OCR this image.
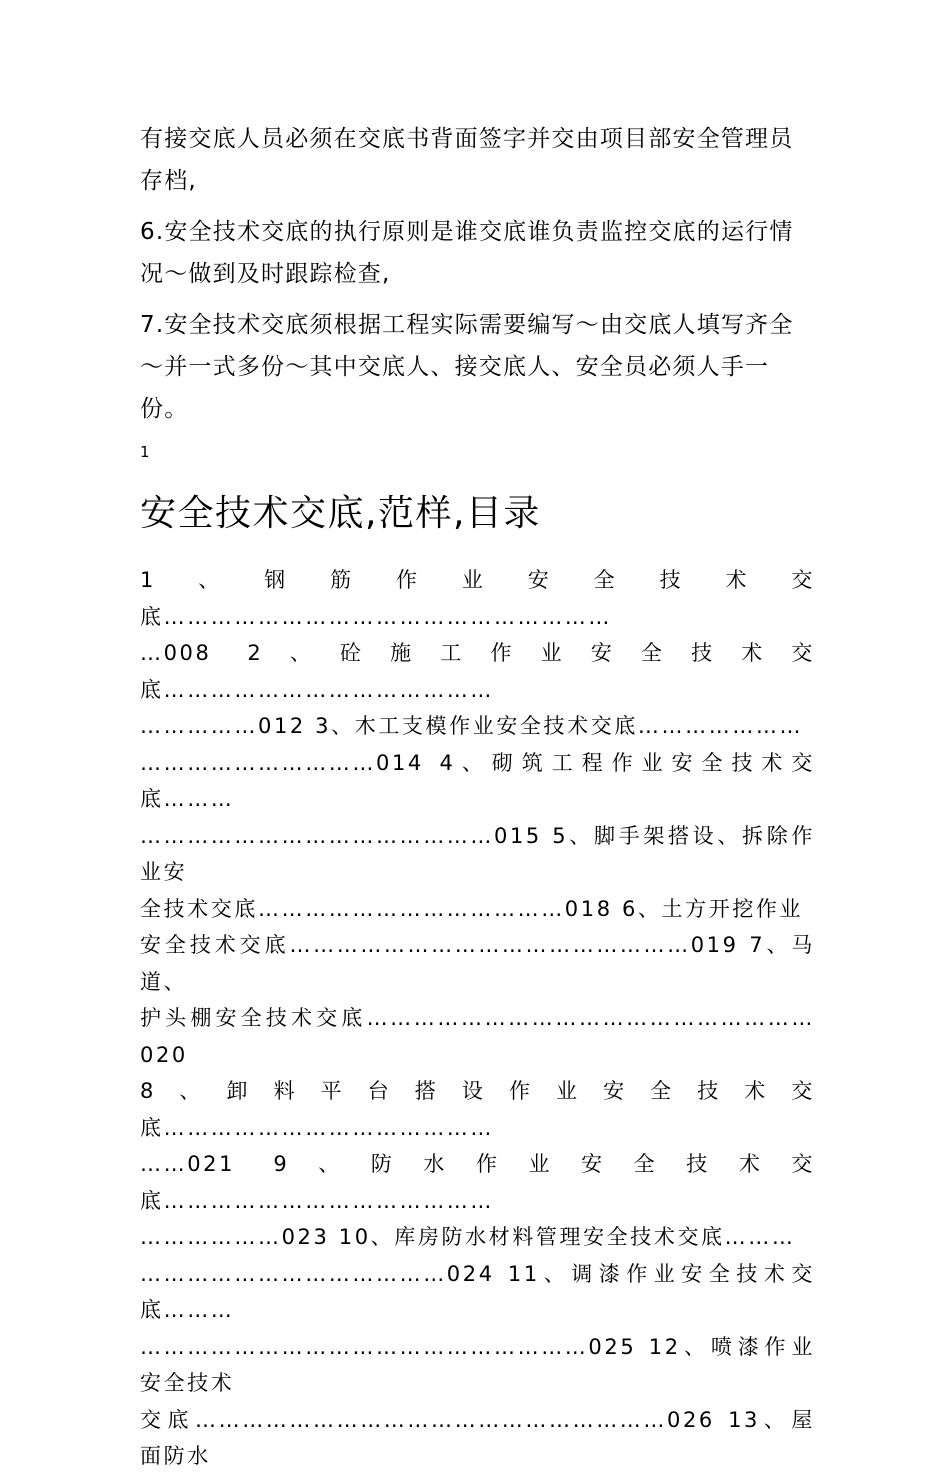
有接交底人员必须在交底书背面签字并交由项目部安全管理员存档,

6.安全技术交底的执行原则是谁交底谁负责监控交底的运行情况～做到及时跟踪检查,

7.安全技术交底须根据工程实际需要编写～由交底人填写齐全～并一式多份～其中交底人、接交底人、安全员必须人手一份。

1
安全技术交底,范样,目录
1、钢筋作业安全技术交底…………………………………………………
…008 2、砼施工作业安全技术交底……………………………………
……………012 3、木工支模作业安全技术交底…………………
…………………………014 4、砌筑工程作业安全技术交底………
………………………………………015 5、脚手架搭设、拆除作业安
全技术交底…………………………………018 6、土方开挖作业
安全技术交底……………………………………………019 7、马道、
护头棚安全技术交底…………………………………………………020
8、卸料平台搭设作业安全技术交底……………………………………
……021 9、防水作业安全技术交底……………………………………
………………023 10、库房防水材料管理安全技术交底………
…………………………………024 11、调漆作业安全技术交底………
…………………………………………………025 12、喷漆作业安全技术
交底……………………………………………………026 13、屋面防水
